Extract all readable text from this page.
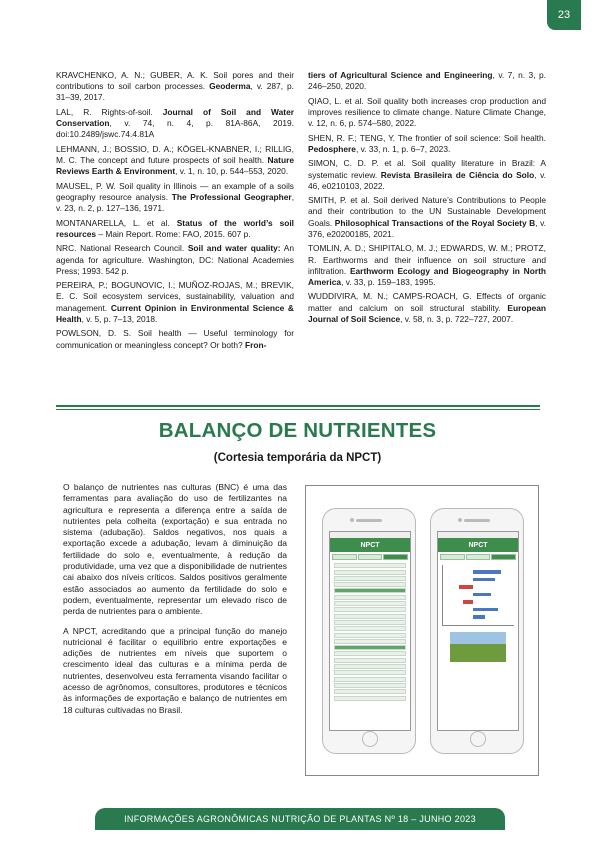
23

KRAVCHENKO, A. N.; GUBER, A. K. Soil pores and their contributions to soil carbon processes. Geoderma, v. 287, p. 31–39, 2017.

LAL, R. Rights-of-soil. Journal of Soil and Water Conservation, v. 74, n. 4, p. 81A-86A, 2019. doi:10.2489/jswc.74.4.81A

LEHMANN, J.; BOSSIO, D. A.; KÖGEL-KNABNER, I.; RILLIG, M. C. The concept and future prospects of soil health. Nature Reviews Earth & Environment, v. 1, n. 10, p. 544–553, 2020.

MAUSEL, P. W. Soil quality in Illinois — an example of a soils geography resource analysis. The Professional Geographer, v. 23, n. 2, p. 127–136, 1971.

MONTANARELLA, L. et al. Status of the world’s soil resources – Main Report. Rome: FAO, 2015. 607 p.

NRC. National Research Council. Soil and water quality: An agenda for agriculture. Washington, DC: National Academies Press; 1993. 542 p.

PEREIRA, P.; BOGUNOVIC, I.; MUÑOZ-ROJAS, M.; BREVIK, E. C. Soil ecosystem services, sustainability, valuation and management. Current Opinion in Environmental Science & Health, v. 5, p. 7–13, 2018.

POWLSON, D. S. Soil health — Useful terminology for communication or meaningless concept? Or both? Fron-

tiers of Agricultural Science and Engineering, v. 7, n. 3, p. 246–250, 2020.

QIAO, L. et al. Soil quality both increases crop production and improves resilience to climate change. Nature Climate Change, v. 12, n. 6, p. 574–580, 2022.

SHEN, R. F.; TENG, Y. The frontier of soil science: Soil health. Pedosphere, v. 33, n. 1, p. 6–7, 2023.

SIMON, C. D. P. et al. Soil quality literature in Brazil: A systematic review. Revista Brasileira de Ciência do Solo, v. 46, e0210103, 2022.

SMITH, P. et al. Soil derived Nature’s Contributions to People and their contribution to the UN Sustainable Development Goals. Philosophical Transactions of the Royal Society B, v. 376, e20200185, 2021.

TOMLIN, A. D.; SHIPITALO, M. J.; EDWARDS, W. M.; PROTZ, R. Earthworms and their influence on soil structure and infiltration. Earthworm Ecology and Biogeography in North America, v. 33, p. 159–183, 1995.

WUDDIVIRA, M. N.; CAMPS-ROACH, G. Effects of organic matter and calcium on soil structural stability. European Journal of Soil Science, v. 58, n. 3, p. 722–727, 2007.

BALANÇO DE NUTRIENTES
(Cortesia temporária da NPCT)

O balanço de nutrientes nas culturas (BNC) é uma das ferramentas para avaliação do uso de fertilizantes na agricultura e representa a diferença entre a saída de nutrientes pela colheita (exportação) e sua entrada no sistema (adubação). Saldos negativos, nos quais a exportação excede a adubação, levam à diminuição da fertilidade do solo e, eventualmente, à redução da produtividade, uma vez que a disponibilidade de nutrientes cai abaixo dos níveis críticos. Saldos positivos geralmente estão associados ao aumento da fertilidade do solo e podem, eventualmente, representar um elevado risco de perda de nutrientes para o ambiente.

A NPCT, acreditando que a principal função do manejo nutricional é facilitar o equilíbrio entre exportações e adições de nutrientes em níveis que suportem o crescimento ideal das culturas e a mínima perda de nutrientes, desenvolveu esta ferramenta visando facilitar o acesso de agrônomos, consultores, produtores e técnicos às informações de exportação e balanço de nutrientes em 18 culturas cultivadas no Brasil.

NPCT	NPCT
INFORMAÇÕES AGRONÔMICAS NUTRIÇÃO DE PLANTAS Nº 18 – JUNHO 2023
